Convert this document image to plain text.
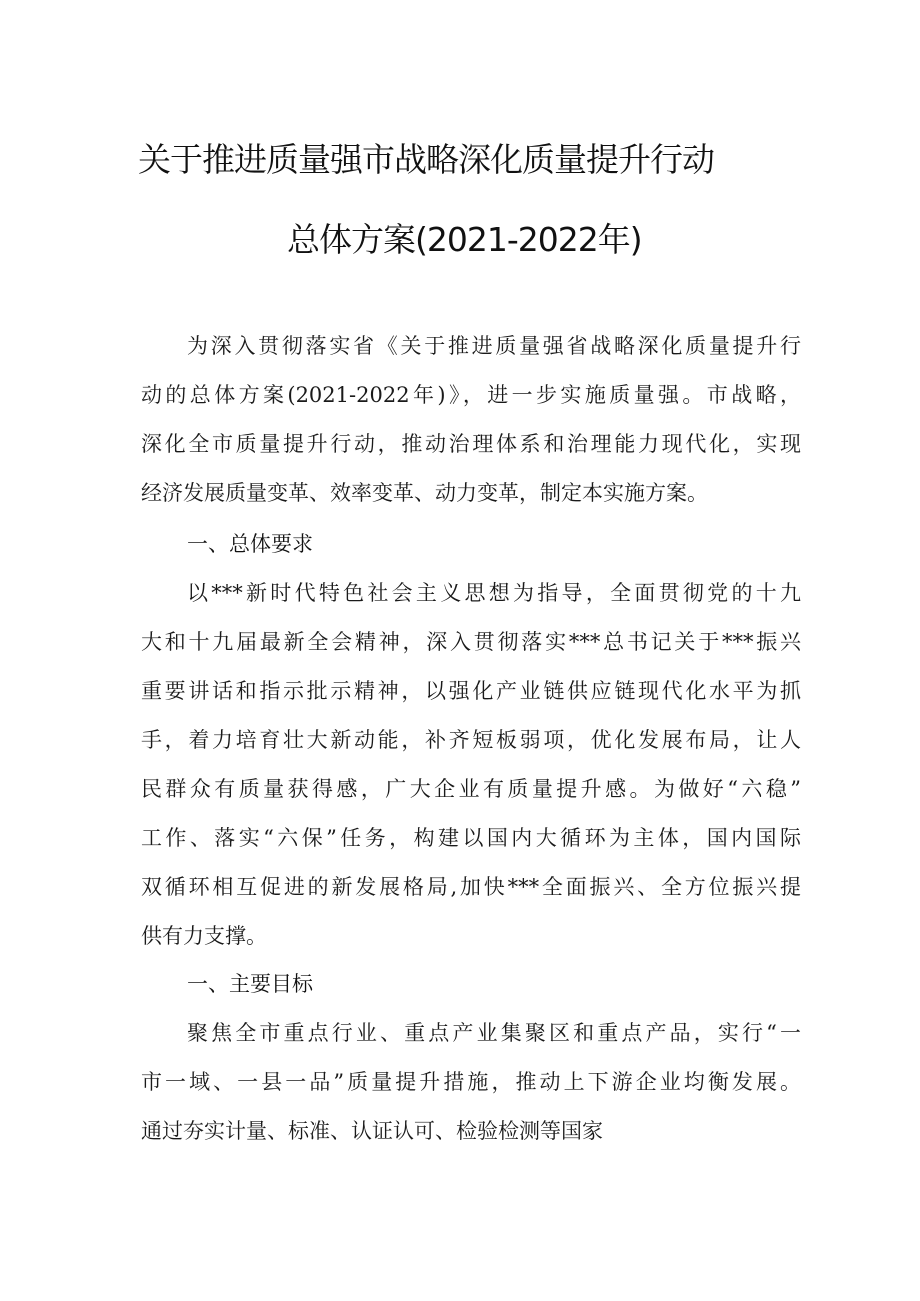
关于推进质量强市战略深化质量提升行动
总体方案(2021-2022年)
为深入贯彻落实省《关于推进质量强省战略深化质量提升行
动的总体方案(2021-2022年)》，进一步实施质量强。市战略，
深化全市质量提升行动，推动治理体系和治理能力现代化，实现
经济发展质量变革、效率变革、动力变革，制定本实施方案。
一、总体要求
以***新时代特色社会主义思想为指导，全面贯彻党的十九
大和十九届最新全会精神，深入贯彻落实***总书记关于***振兴
重要讲话和指示批示精神，以强化产业链供应链现代化水平为抓
手，着力培育壮大新动能，补齐短板弱项，优化发展布局，让人
民群众有质量获得感，广大企业有质量提升感。为做好“六稳”
工作、落实“六保”任务，构建以国内大循环为主体，国内国际
双循环相互促进的新发展格局,加快***全面振兴、全方位振兴提
供有力支撑。
一、主要目标
聚焦全市重点行业、重点产业集聚区和重点产品，实行“一
市一域、一县一品”质量提升措施，推动上下游企业均衡发展。
通过夯实计量、标准、认证认可、检验检测等国家
